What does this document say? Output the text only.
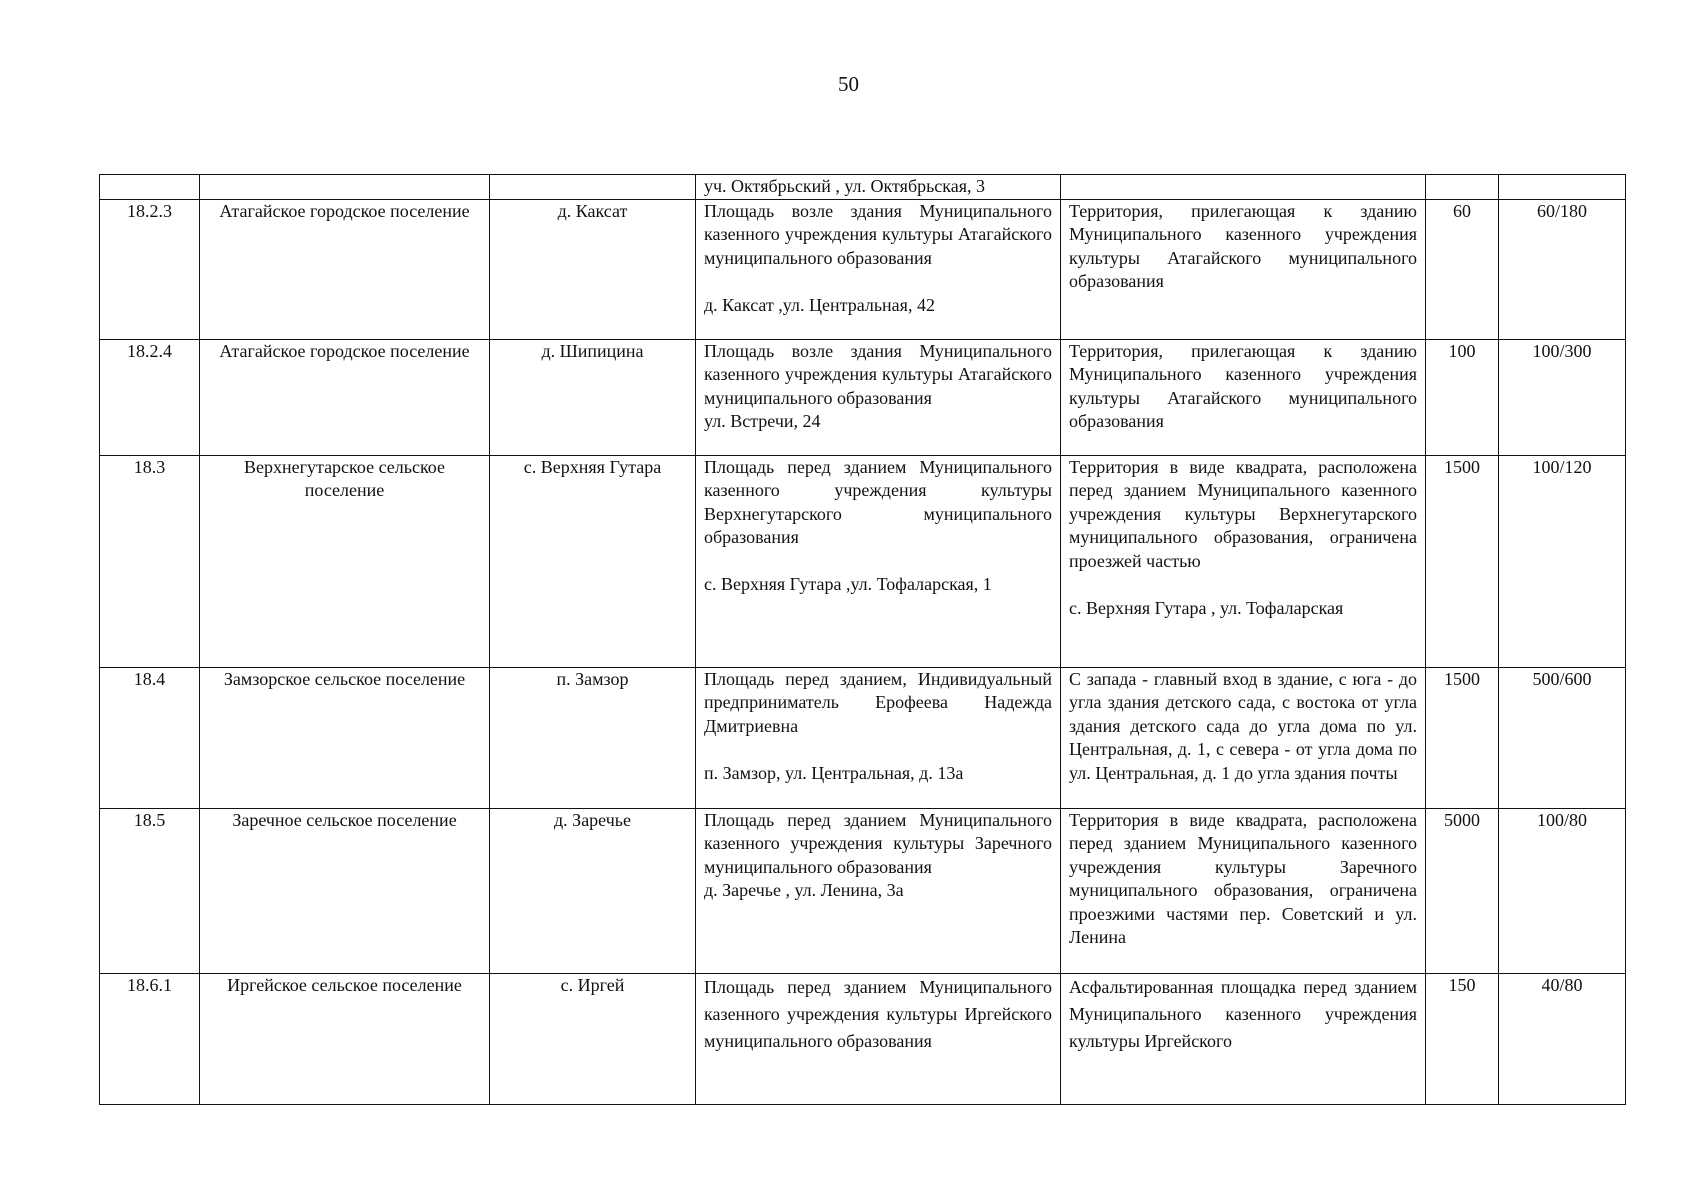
50

			уч. Октябрьский , ул. Октябрьская, 3			

18.2.3	Атагайское городское поселение	д. Каксат	Площадь возле здания Муниципального казенного учреждения культуры Атагайского муниципального образования
д. Каксат ,ул. Центральная, 42	Территория, прилегающая к зданию Муниципального казенного учреждения культуры Атагайского муниципального образования	60	60/180
18.2.4	Атагайское городское поселение	д. Шипицина	Площадь возле здания Муниципального казенного учреждения культуры Атагайского муниципального образования
ул. Встречи, 24	Территория, прилегающая к зданию Муниципального казенного учреждения культуры Атагайского муниципального образования	100	100/300
18.3	Верхнегутарское сельское поселение	с. Верхняя Гутара	Площадь перед зданием Муниципального казенного учреждения культуры Верхнегутарского муниципального образования
с. Верхняя Гутара ,ул. Тофаларская, 1	Территория в виде квадрата, расположена перед зданием Муниципального казенного учреждения культуры Верхнегутарского муниципального образования, ограничена проезжей частью
с. Верхняя Гутара , ул. Тофаларская	1500	100/120
18.4	Замзорское сельское поселение	п. Замзор	Площадь перед зданием, Индивидуальный предприниматель Ерофеева Надежда Дмитриевна
п. Замзор, ул. Центральная, д. 13а	С запада - главный вход в здание, с юга - до угла здания детского сада, с востока от угла здания детского сада до угла дома по ул. Центральная, д. 1, с севера - от угла дома по ул. Центральная, д. 1 до угла здания почты	1500	500/600
18.5	Заречное сельское поселение	д. Заречье	Площадь перед зданием Муниципального казенного учреждения культуры Заречного муниципального образования
д. Заречье , ул. Ленина, 3а	Территория в виде квадрата, расположена перед зданием Муниципального казенного учреждения культуры Заречного муниципального образования, ограничена проезжими частями пер. Советский и ул. Ленина	5000	100/80
18.6.1	Иргейское сельское поселение	с. Иргей	Площадь перед зданием Муниципального казенного учреждения культуры Иргейского муниципального образования	Асфальтированная площадка перед зданием Муниципального казенного учреждения культуры Иргейского	150	40/80
